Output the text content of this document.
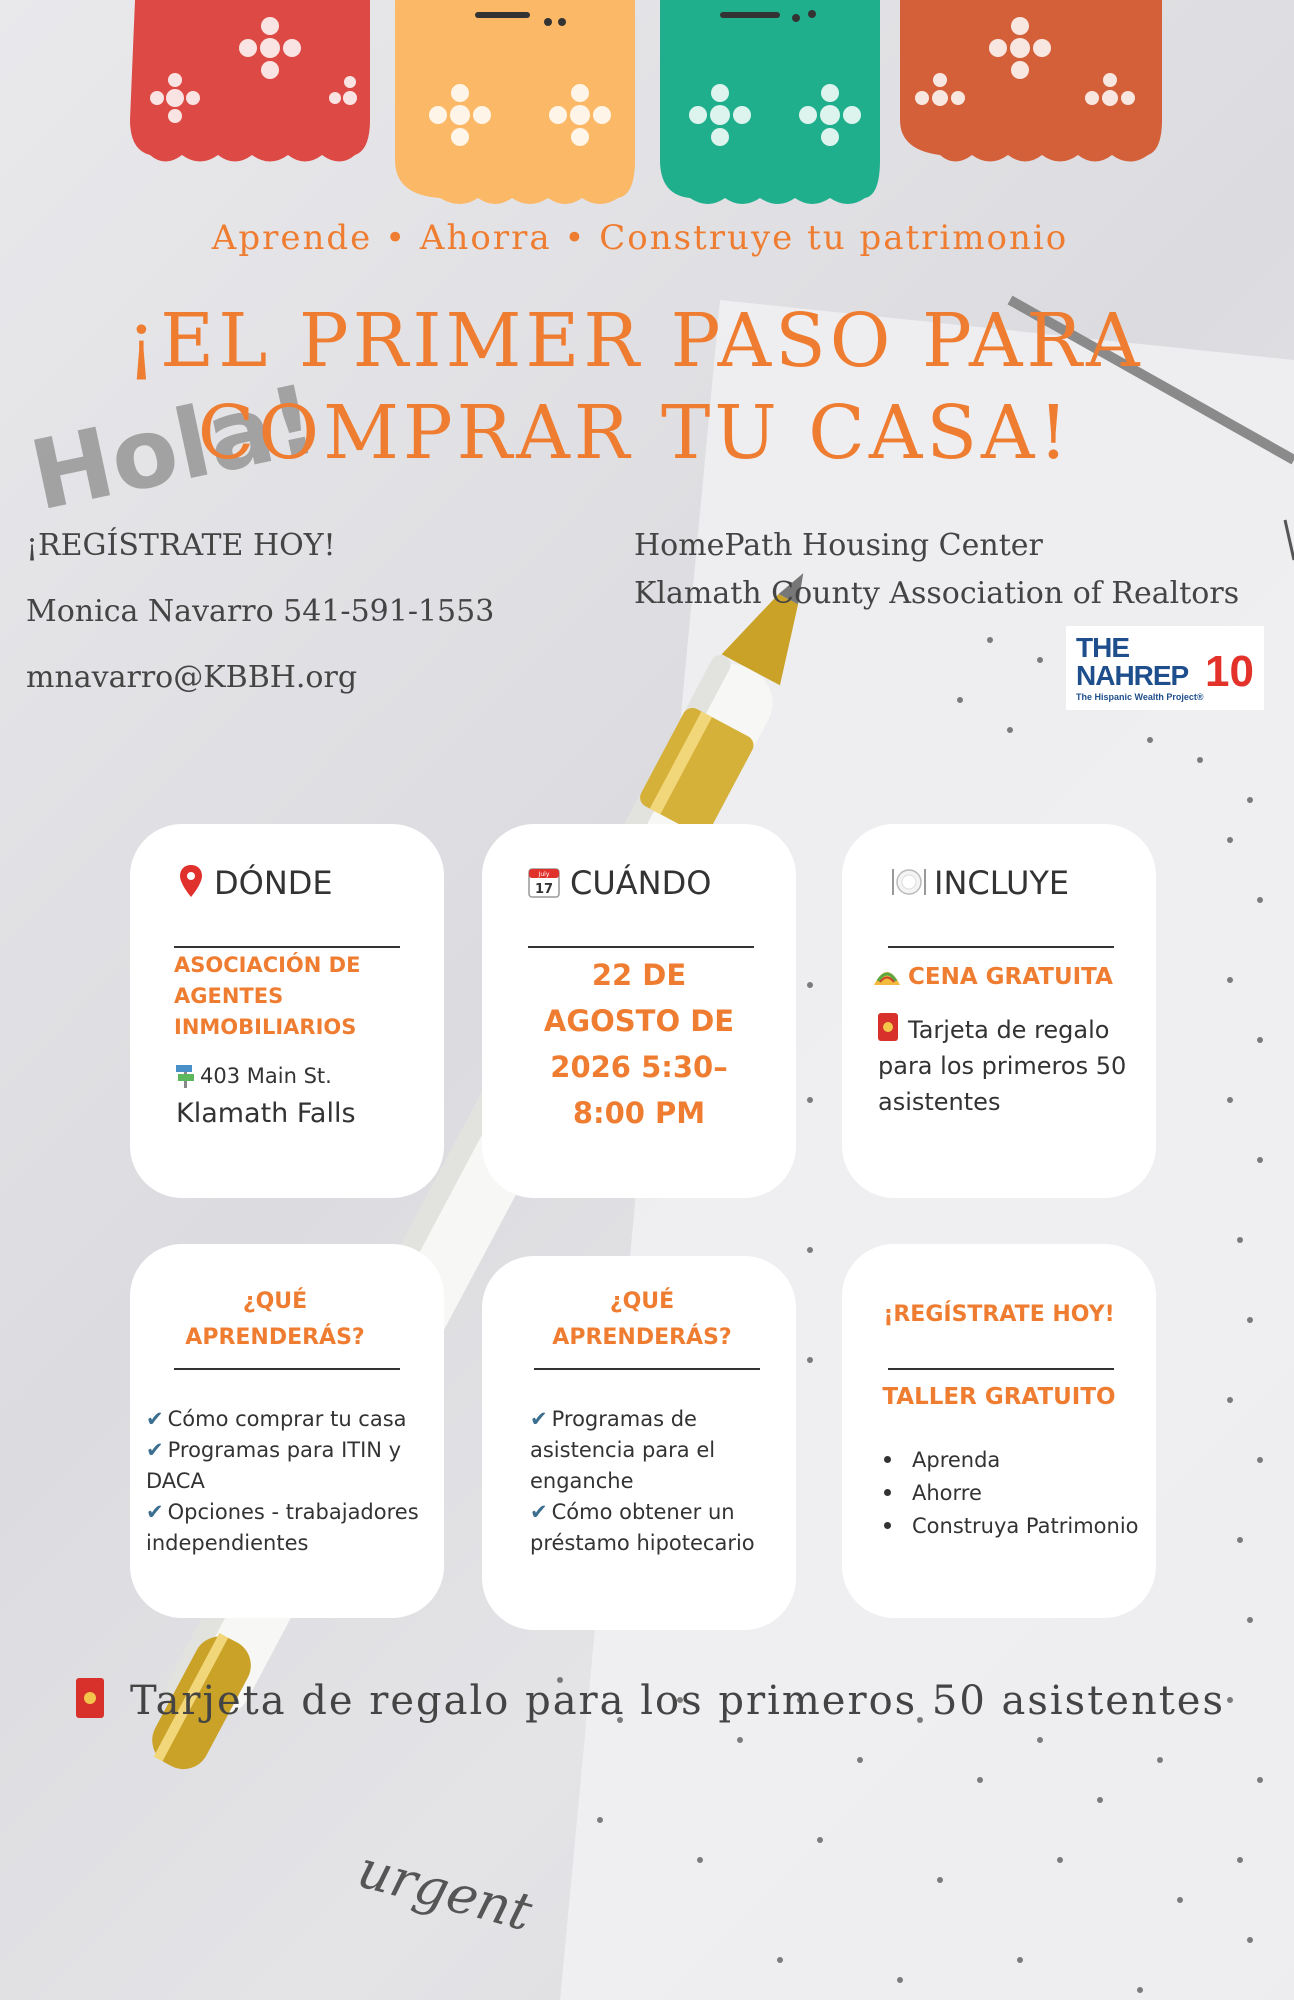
Hola!
urgent
Aprende • Ahorra • Construye tu patrimonio
¡EL PRIMER PASO PARA
COMPRAR TU CASA!
¡REGÍSTRATE HOY!
Monica Navarro 541-591-1553
mnavarro@KBBH.org
HomePath Housing Center
Klamath County Association of Realtors
THE NAHREP 10
The Hispanic Wealth Project®
DÓNDE
ASOCIACIÓN DE
AGENTES
INMOBILIARIOS
403 Main St.
Klamath Falls
July
17 CUÁNDO
22 DE
AGOSTO DE
2026 5:30–
8:00 PM
INCLUYE
CENA GRATUITA
Tarjeta de regalo
para los primeros 50
asistentes
¿QUÉ
APRENDERÁS?
✔ Cómo comprar tu casa
✔ Programas para ITIN y
DACA
✔ Opciones - trabajadores
independientes
¿QUÉ
APRENDERÁS?
✔ Programas de
asistencia para el
enganche
✔ Cómo obtener un
préstamo hipotecario
¡REGÍSTRATE HOY!
TALLER GRATUITO
Aprenda
Ahorre
Construya Patrimonio
Tarjeta de regalo para los primeros 50 asistentes
